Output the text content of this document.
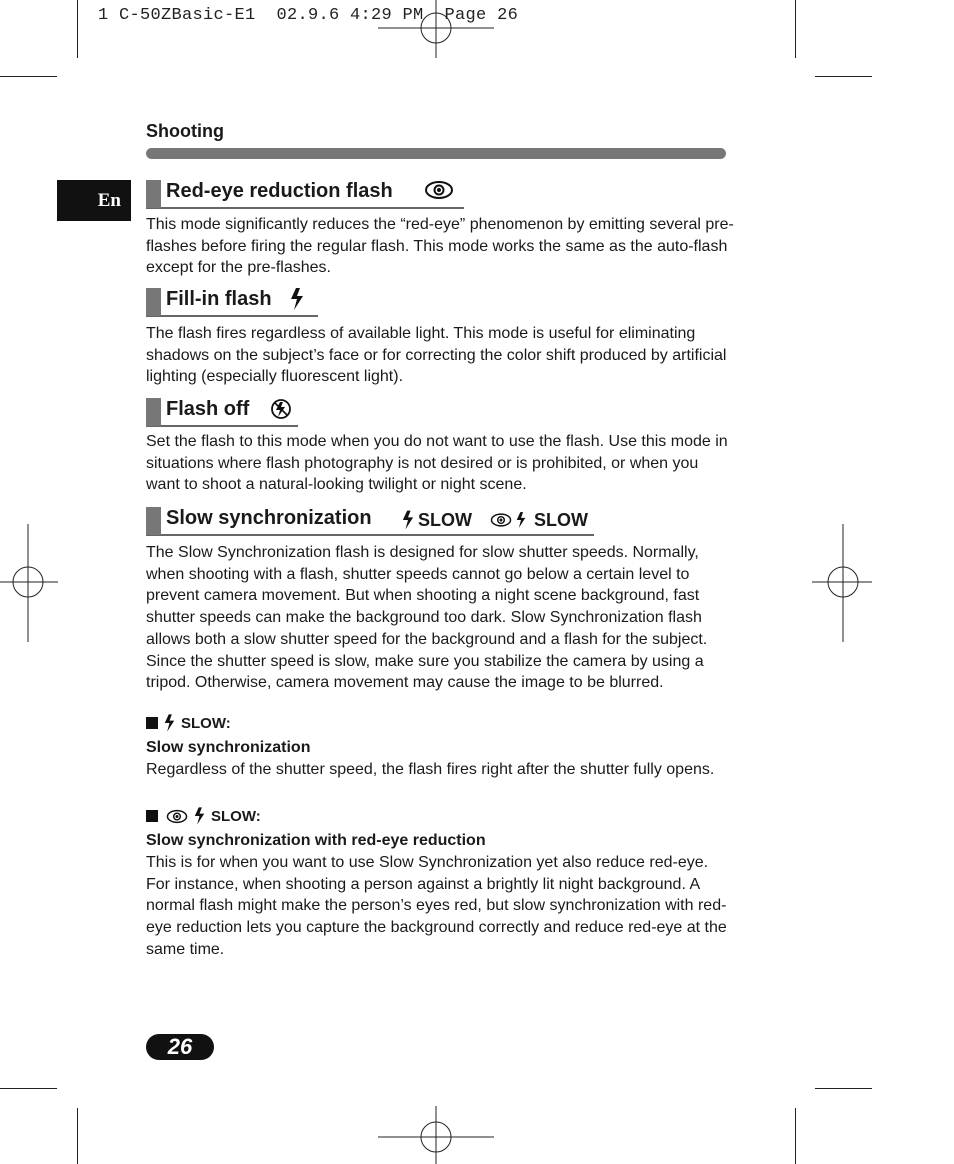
1 C-50ZBasic-E1  02.9.6 4:29 PM  Page 26
Shooting
En	Red-eye reduction flash

This mode significantly reduces the “red-eye” phenomenon by emitting several pre-flashes before firing the regular flash. This mode works the same as the auto-flash except for the pre-flashes.

Fill-in flash

The flash fires regardless of available light. This mode is useful for eliminating shadows on the subject’s face or for correcting the color shift produced by artificial lighting (especially fluorescent light).

Flash off

Set the flash to this mode when you do not want to use the flash. Use this mode in situations where flash photography is not desired or is prohibited, or when you want to shoot a natural-looking twilight or night scene.

Slow synchronization	SLOW	SLOW

The Slow Synchronization flash is designed for slow shutter speeds. Normally, when shooting with a flash, shutter speeds cannot go below a certain level to prevent camera movement. But when shooting a night scene background, fast shutter speeds can make the background too dark. Slow Synchronization flash allows both a slow shutter speed for the background and a flash for the subject. Since the shutter speed is slow, make sure you stabilize the camera by using a tripod. Otherwise, camera movement may cause the image to be blurred.

SLOW:
Slow synchronization

Regardless of the shutter speed, the flash fires right after the shutter fully opens.

SLOW:
Slow synchronization with red-eye reduction

This is for when you want to use Slow Synchronization yet also reduce red-eye. For instance, when shooting a person against a brightly lit night background. A normal flash might make the person’s eyes red, but slow synchronization with red-eye reduction lets you capture the background correctly and reduce red-eye at the same time.

26
